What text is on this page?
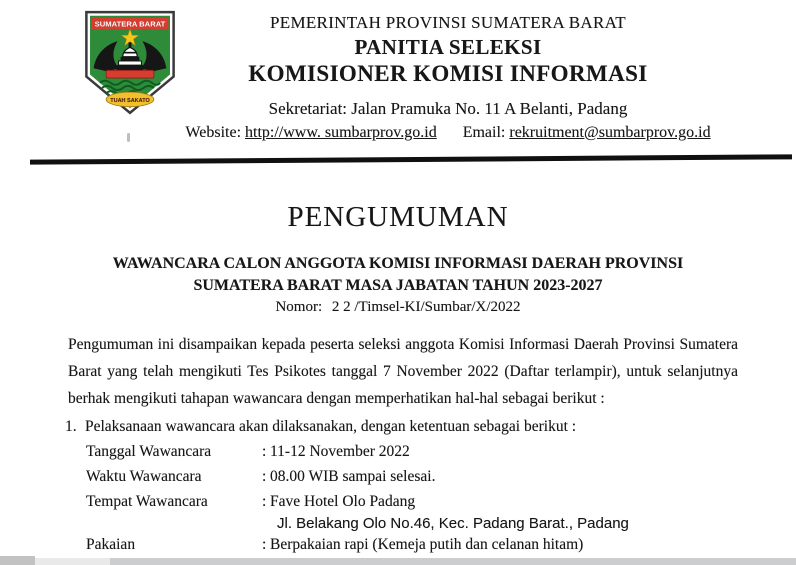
SUMATERA BARAT
TUAH SAKATO
PEMERINTAH PROVINSI SUMATERA BARAT
PANITIA SELEKSI
KOMISIONER KOMISI INFORMASI
Sekretariat: Jalan Pramuka No. 11 A Belanti, Padang
Website: http://www. sumbarprov.go.id Email: rekruitment@sumbarprov.go.id
PENGUMUMAN
WAWANCARA CALON ANGGOTA KOMISI INFORMASI DAERAH PROVINSI
SUMATERA BARAT MASA JABATAN TAHUN 2023-2027
Nomor: 2 2 /Timsel-KI/Sumbar/X/2022
Pengumuman ini disampaikan kepada peserta seleksi anggota Komisi Informasi Daerah Provinsi Sumatera Barat yang telah mengikuti Tes Psikotes tanggal 7 November 2022 (Daftar terlampir), untuk selanjutnya berhak mengikuti tahapan wawancara dengan memperhatikan hal-hal sebagai berikut :
1. Pelaksanaan wawancara akan dilaksanakan, dengan ketentuan sebagai berikut :
Tanggal Wawancara	: 11-12 November 2022
Waktu Wawancara	: 08.00 WIB sampai selesai.
Tempat Wawancara	: Fave Hotel Olo Padang
Jl. Belakang Olo No.46, Kec. Padang Barat., Padang
Pakaian	: Berpakaian rapi (Kemeja putih dan celanan hitam)
